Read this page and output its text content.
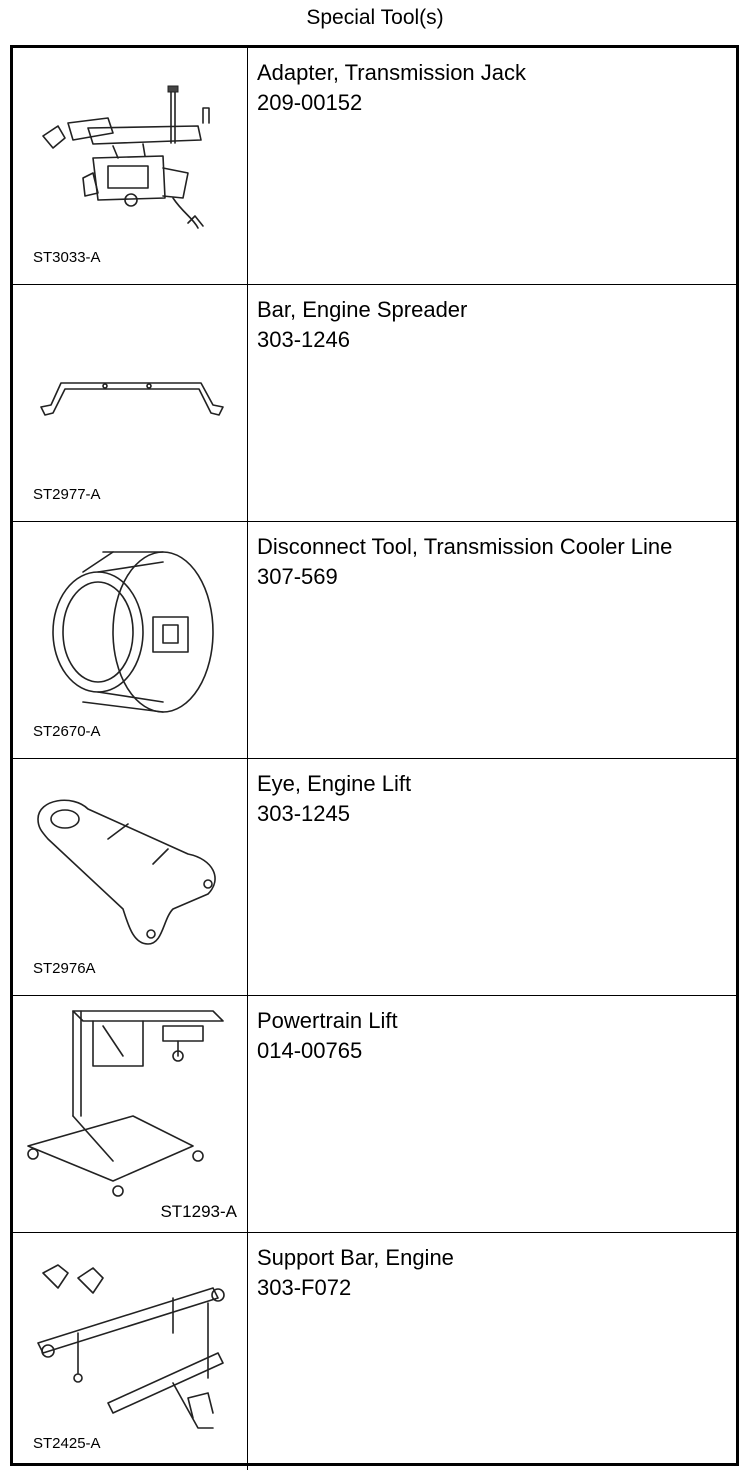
Special Tool(s)
ST3033-A
Adapter, Transmission Jack
209-00152
ST2977-A
Bar, Engine Spreader
303-1246
ST2670-A
Disconnect Tool, Transmission Cooler Line
307-569
ST2976A
Eye, Engine Lift
303-1245
ST1293-A
Powertrain Lift
014-00765
ST2425-A
Support Bar, Engine
303-F072
